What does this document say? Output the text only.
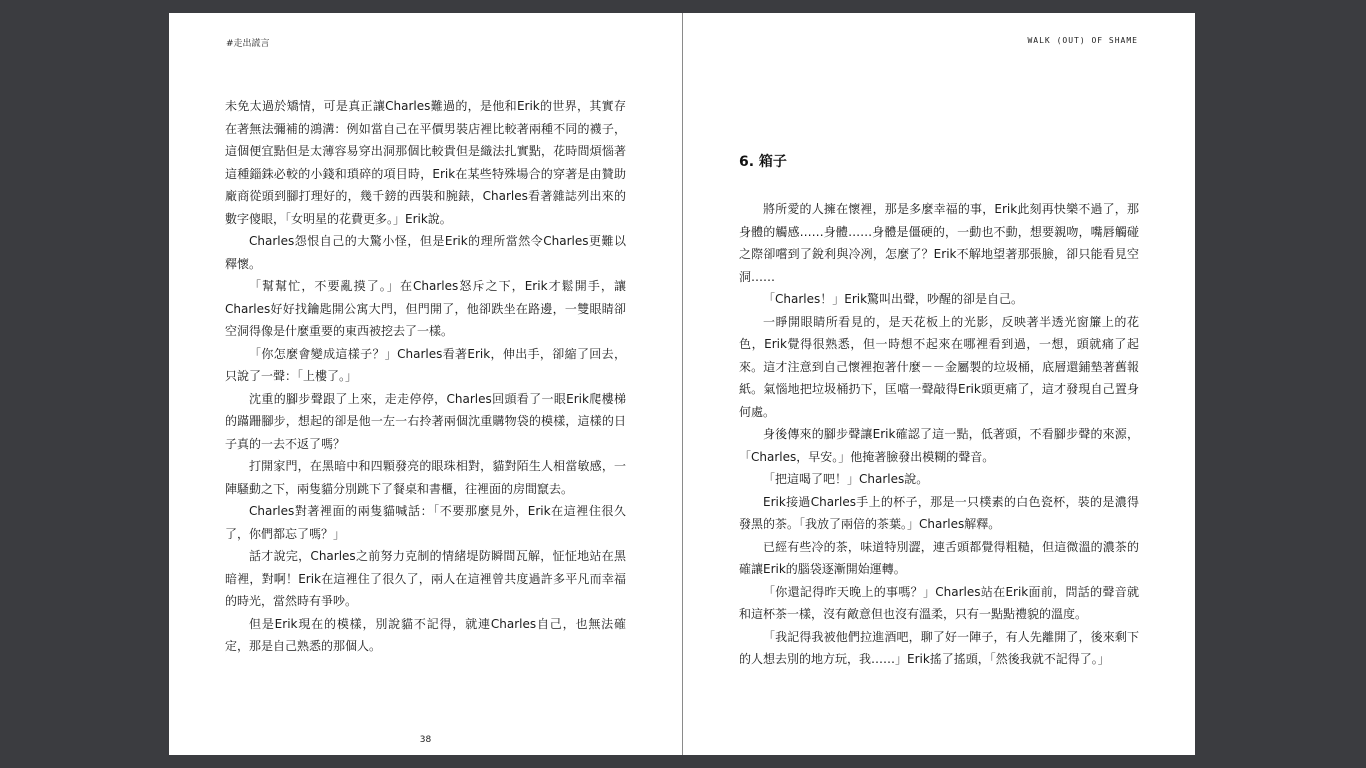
#走出謊言

未免太過於矯情，可是真正讓Charles難過的，是他和Erik的世界，其實存在著無法彌補的鴻溝：例如當自己在平價男裝店裡比較著兩種不同的襪子，這個便宜點但是太薄容易穿出洞那個比較貴但是織法扎實點，花時間煩惱著這種錙銖必較的小錢和瑣碎的項目時，Erik在某些特殊場合的穿著是由贊助廠商從頭到腳打理好的，幾千鎊的西裝和腕錶，Charles看著雜誌列出來的數字傻眼，「女明星的花費更多。」Erik說。

Charles怨恨自己的大驚小怪，但是Erik的理所當然令Charles更難以釋懷。

「幫幫忙，不要亂摸了。」在Charles怒斥之下，Erik才鬆開手，讓Charles好好找鑰匙開公寓大門，但門開了，他卻跌坐在路邊，一雙眼睛卻空洞得像是什麼重要的東西被挖去了一樣。

「你怎麼會變成這樣子？」Charles看著Erik，伸出手，卻縮了回去，只說了一聲：「上樓了。」

沈重的腳步聲跟了上來，走走停停，Charles回頭看了一眼Erik爬樓梯的蹣跚腳步，想起的卻是他一左一右拎著兩個沈重購物袋的模樣，這樣的日子真的一去不返了嗎？

打開家門，在黑暗中和四顆發亮的眼珠相對，貓對陌生人相當敏感，一陣騷動之下，兩隻貓分別跳下了餐桌和書櫃，往裡面的房間竄去。

Charles對著裡面的兩隻貓喊話：「不要那麼見外，Erik在這裡住很久了，你們都忘了嗎？」

話才說完，Charles之前努力克制的情緒堤防瞬間瓦解，怔怔地站在黑暗裡，對啊！Erik在這裡住了很久了，兩人在這裡曾共度過許多平凡而幸福的時光，當然時有爭吵。

但是Erik現在的模樣，別說貓不記得，就連Charles自己，也無法確定，那是自己熟悉的那個人。

38
WALK (OUT) OF SHAME
6. 箱子

將所愛的人擁在懷裡，那是多麼幸福的事，Erik此刻再快樂不過了，那身體的觸感……身體……身體是僵硬的，一動也不動，想要親吻，嘴唇觸碰之際卻嚐到了銳利與冷冽，怎麼了？Erik不解地望著那張臉，卻只能看見空洞……

「Charles！」Erik驚叫出聲，吵醒的卻是自己。

一睜開眼睛所看見的，是天花板上的光影，反映著半透光窗簾上的花色，Erik覺得很熟悉，但一時想不起來在哪裡看到過，一想，頭就痛了起來。這才注意到自己懷裡抱著什麼－－金屬製的垃圾桶，底層還鋪墊著舊報紙。氣惱地把垃圾桶扔下，匡噹一聲敲得Erik頭更痛了，這才發現自己置身何處。

身後傳來的腳步聲讓Erik確認了這一點，低著頭，不看腳步聲的來源，「Charles，早安。」他掩著臉發出模糊的聲音。

「把這喝了吧！」Charles說。

Erik接過Charles手上的杯子，那是一只樸素的白色瓷杯，裝的是濃得發黑的茶。「我放了兩倍的茶葉。」Charles解釋。

已經有些冷的茶，味道特別澀，連舌頭都覺得粗糙，但這微溫的濃茶的確讓Erik的腦袋逐漸開始運轉。

「你還記得昨天晚上的事嗎？」Charles站在Erik面前，問話的聲音就和這杯茶一樣，沒有敵意但也沒有溫柔，只有一點點禮貌的溫度。

「我記得我被他們拉進酒吧，聊了好一陣子，有人先離開了，後來剩下的人想去別的地方玩，我……」Erik搖了搖頭，「然後我就不記得了。」
